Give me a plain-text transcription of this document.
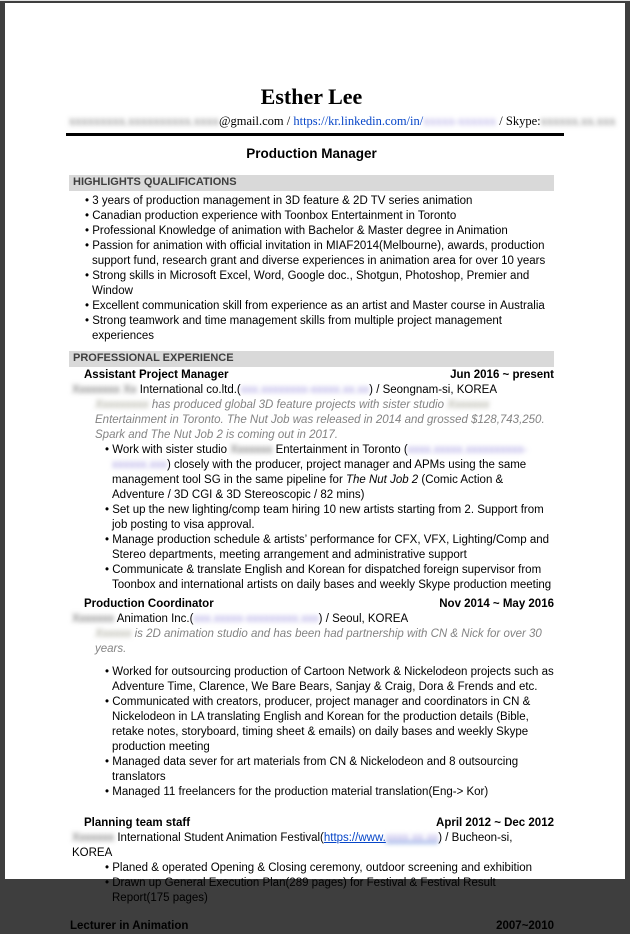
Esther Lee
xxxxxxxxx.xxxxxxxxxx.xxxx@gmail.com / https://kr.linkedin.com/in/xxxxx-xxxxxx / Skype:xxxxxx.xx.xxx
Production Manager
HIGHLIGHTS QUALIFICATIONS
• 3 years of production management in 3D feature & 2D TV series animation
• Canadian production experience with Toonbox Entertainment in Toronto
• Professional Knowledge of animation with Bachelor & Master degree in Animation
• Passion for animation with official invitation in MIAF2014(Melbourne), awards, production support fund, research grant and diverse experiences in animation area for over 10 years
• Strong skills in Microsoft Excel, Word, Google doc., Shotgun, Photoshop, Premier and Window
• Excellent communication skill from experience as an artist and Master course in Australia
• Strong teamwork and time management skills from multiple project management experiences
PROFESSIONAL EXPERIENCE
Assistant Project Manager	Jun 2016 ~ present
Xxxxxxxx Xx International co.ltd.(xxx.xxxxxxxx-xxxxx.xx.xx) / Seongnam-si, KOREA
Xxxxxxxxx has produced global 3D feature projects with sister studio Xxxxxxx Entertainment in Toronto. The Nut Job was released in 2014 and grossed $128,743,250. Spark and The Nut Job 2 is coming out in 2017.
• Work with sister studio Xxxxxxx Entertainment in Toronto (xxxx.xxxxx.xxxxxxxxxx-xxxxxx.xxx) closely with the producer, project manager and APMs using the same management tool SG in the same pipeline for The Nut Job 2 (Comic Action & Adventure / 3D CGI & 3D Stereoscopic / 82 mins)
• Set up the new lighting/comp team hiring 10 new artists starting from 2. Support from job posting to visa approval.
• Manage production schedule & artists’ performance for CFX, VFX, Lighting/Comp and Stereo departments, meeting arrangement and administrative support
• Communicate & translate English and Korean for dispatched foreign supervisor from Toonbox and international artists on daily bases and weekly Skype production meeting
Production Coordinator	Nov 2014 ~ May 2016
Xxxxxxx Animation Inc.(xxx.xxxxx-xxxxxxxxx.xxx) / Seoul, KOREA
Xxxxxx is 2D animation studio and has been had partnership with CN & Nick for over 30 years.
• Worked for outsourcing production of Cartoon Network & Nickelodeon projects such as Adventure Time, Clarence, We Bare Bears, Sanjay & Craig, Dora & Frends and etc.
• Communicated with creators, producer, project manager and coordinators in CN & Nickelodeon in LA translating English and Korean for the production details (Bible, retake notes, storyboard, timing sheet & emails) on daily bases and weekly Skype production meeting
• Managed data sever for art materials from CN & Nickelodeon and 8 outsourcing translators
• Managed 11 freelancers for the production material translation(Eng-> Kor)
Planning team staff	April 2012 ~ Dec 2012
Xxxxxxx International Student Animation Festival(https://www.xxxx.xx.xx) / Bucheon-si, KOREA
• Planed & operated Opening & Closing ceremony, outdoor screening and exhibition
• Drawn up General Execution Plan(289 pages) for Festival & Festival Result Report(175 pages)
Lecturer in Animation	2007~2010
